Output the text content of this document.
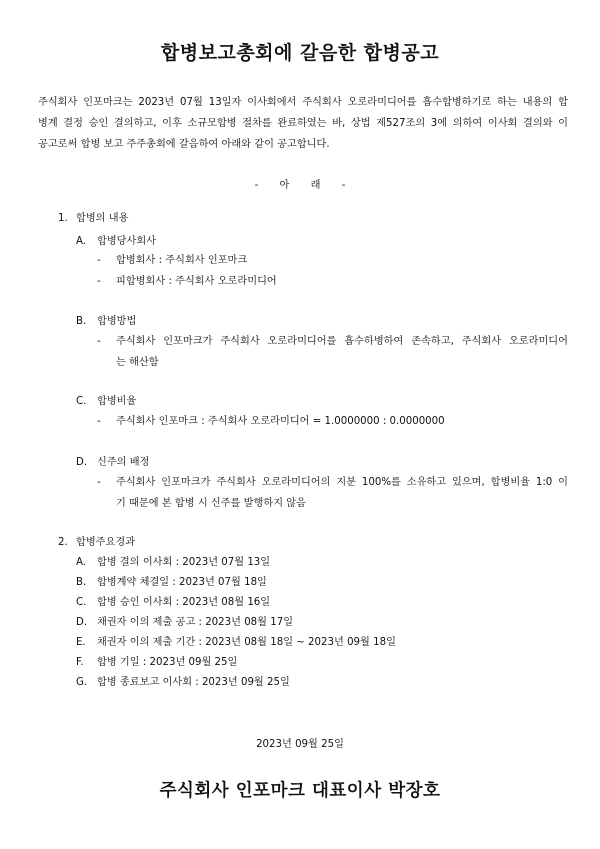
합병보고총회에 갈음한 합병공고
주식회사 인포마크는 2023년 07월 13일자 이사회에서 주식회사 오로라미디어를 흡수합병하기로 하는 내용의 합
병계 결정 승인 결의하고, 이후 소규모합병 절차를 완료하였는 바, 상법 제527조의 3에 의하여 이사회 결의와 이
공고로써 합병 보고 주주총회에 갈음하여 아래와 같이 공고합니다.
- 아 래 -
1. 합병의 내용
A. 합병당사회사
- 합병회사 : 주식회사 인포마크
- 피합병회사 : 주식회사 오로라미디어
B. 합병방법
- 주식회사 인포마크가 주식회사 오로라미디어를 흡수하병하여 존속하고, 주식회사 오로라미디어
는 해산함
C. 합병비율
- 주식회사 인포마크 : 주식회사 오로라미디어 = 1.0000000 : 0.0000000
D. 신주의 배정
- 주식회사 인포마크가 주식회사 오로라미디어의 지분 100%를 소유하고 있으며, 합병비율 1:0 이
기 때문에 본 합병 시 신주를 발행하지 않음
2. 합병주요경과
A. 합병 결의 이사회 : 2023년 07월 13일
B. 합병계약 체결일 : 2023년 07월 18일
C. 합병 승인 이사회 : 2023년 08월 16일
D. 채권자 이의 제출 공고 : 2023년 08월 17일
E. 채권자 이의 제출 기간 : 2023년 08월 18일 ~ 2023년 09월 18일
F. 합병 기일 : 2023년 09월 25일
G. 합병 종료보고 이사회 : 2023년 09월 25일
2023년 09월 25일
주식회사 인포마크 대표이사 박장호
